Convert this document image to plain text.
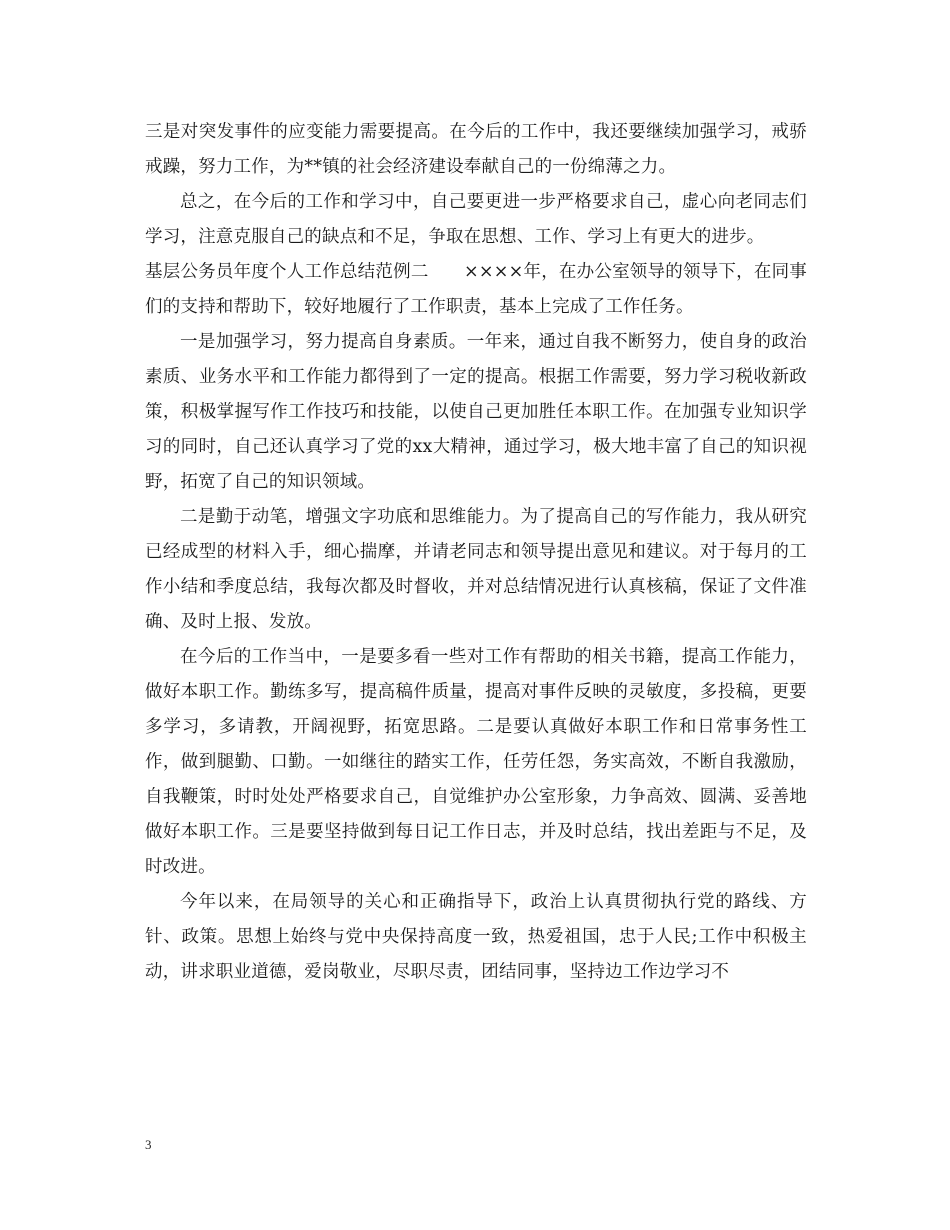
三是对突发事件的应变能力需要提高。在今后的工作中，我还要继续加强学习，戒骄戒躁，努力工作，为**镇的社会经济建设奉献自己的一份绵薄之力。

总之，在今后的工作和学习中，自己要更进一步严格要求自己，虚心向老同志们学习，注意克服自己的缺点和不足，争取在思想、工作、学习上有更大的进步。

基层公务员年度个人工作总结范例二　　××××年，在办公室领导的领导下，在同事们的支持和帮助下，较好地履行了工作职责，基本上完成了工作任务。

一是加强学习，努力提高自身素质。一年来，通过自我不断努力，使自身的政治素质、业务水平和工作能力都得到了一定的提高。根据工作需要，努力学习税收新政策，积极掌握写作工作技巧和技能，以使自己更加胜任本职工作。在加强专业知识学习的同时，自己还认真学习了党的xx大精神，通过学习，极大地丰富了自己的知识视野，拓宽了自己的知识领域。

二是勤于动笔，增强文字功底和思维能力。为了提高自己的写作能力，我从研究已经成型的材料入手，细心揣摩，并请老同志和领导提出意见和建议。对于每月的工作小结和季度总结，我每次都及时督收，并对总结情况进行认真核稿，保证了文件准确、及时上报、发放。

在今后的工作当中，一是要多看一些对工作有帮助的相关书籍，提高工作能力，做好本职工作。勤练多写，提高稿件质量，提高对事件反映的灵敏度，多投稿，更要多学习，多请教，开阔视野，拓宽思路。二是要认真做好本职工作和日常事务性工作，做到腿勤、口勤。一如继往的踏实工作，任劳任怨，务实高效，不断自我激励，自我鞭策，时时处处严格要求自己，自觉维护办公室形象，力争高效、圆满、妥善地做好本职工作。三是要坚持做到每日记工作日志，并及时总结，找出差距与不足，及时改进。

今年以来，在局领导的关心和正确指导下，政治上认真贯彻执行党的路线、方针、政策。思想上始终与党中央保持高度一致，热爱祖国，忠于人民;工作中积极主动，讲求职业道德，爱岗敬业，尽职尽责，团结同事，坚持边工作边学习不

3
